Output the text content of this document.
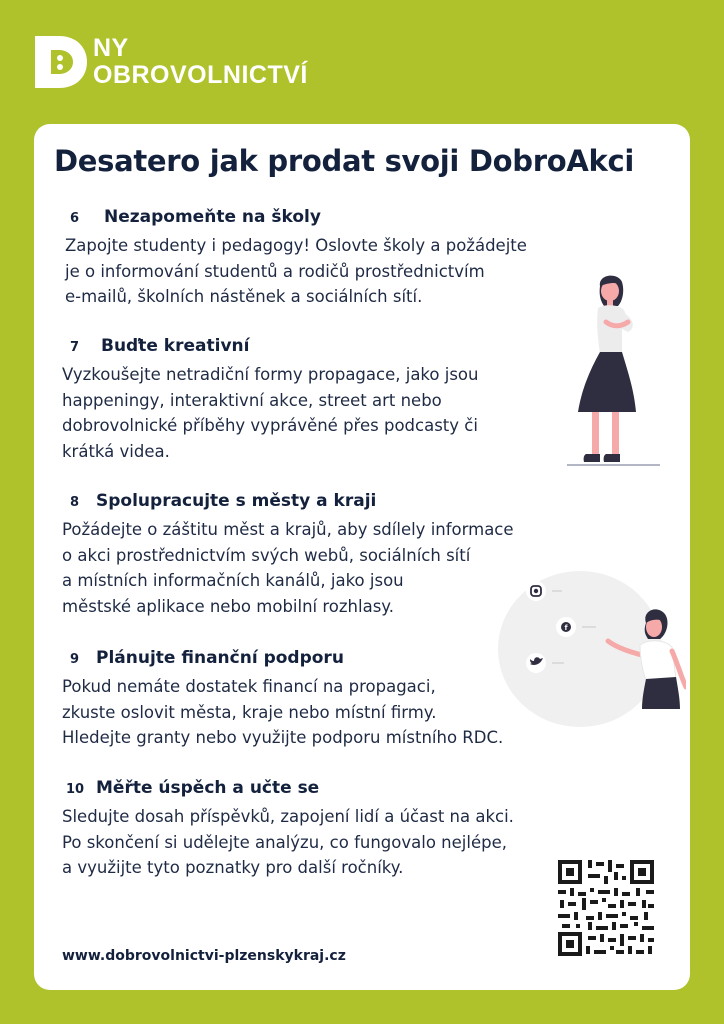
NY
OBROVOLNICTVÍ
Desatero jak prodat svoji DobroAkci
6	Nezapomeňte na školy
Zapojte studenty i pedagogy! Oslovte školy a požádejte
je o informování studentů a rodičů prostřednictvím
e-mailů, školních nástěnek a sociálních sítí.
7	Buďte kreativní
Vyzkoušejte netradiční formy propagace, jako jsou
happeningy, interaktivní akce, street art nebo
dobrovolnické příběhy vyprávěné přes podcasty či
krátká videa.
8 Spolupracujte s městy a kraji
Požádejte o záštitu měst a krajů, aby sdílely informace
o akci prostřednictvím svých webů, sociálních sítí
a místních informačních kanálů, jako jsou
městské aplikace nebo mobilní rozhlasy.
9 Plánujte finanční podporu
Pokud nemáte dostatek financí na propagaci,
zkuste oslovit města, kraje nebo místní firmy.
Hledejte granty nebo využijte podporu místního RDC.
10 Měřte úspěch a učte se
Sledujte dosah příspěvků, zapojení lidí a účast na akci.
Po skončení si udělejte analýzu, co fungovalo nejlépe,
a využijte tyto poznatky pro další ročníky.
f
www.dobrovolnictvi-plzenskykraj.cz
